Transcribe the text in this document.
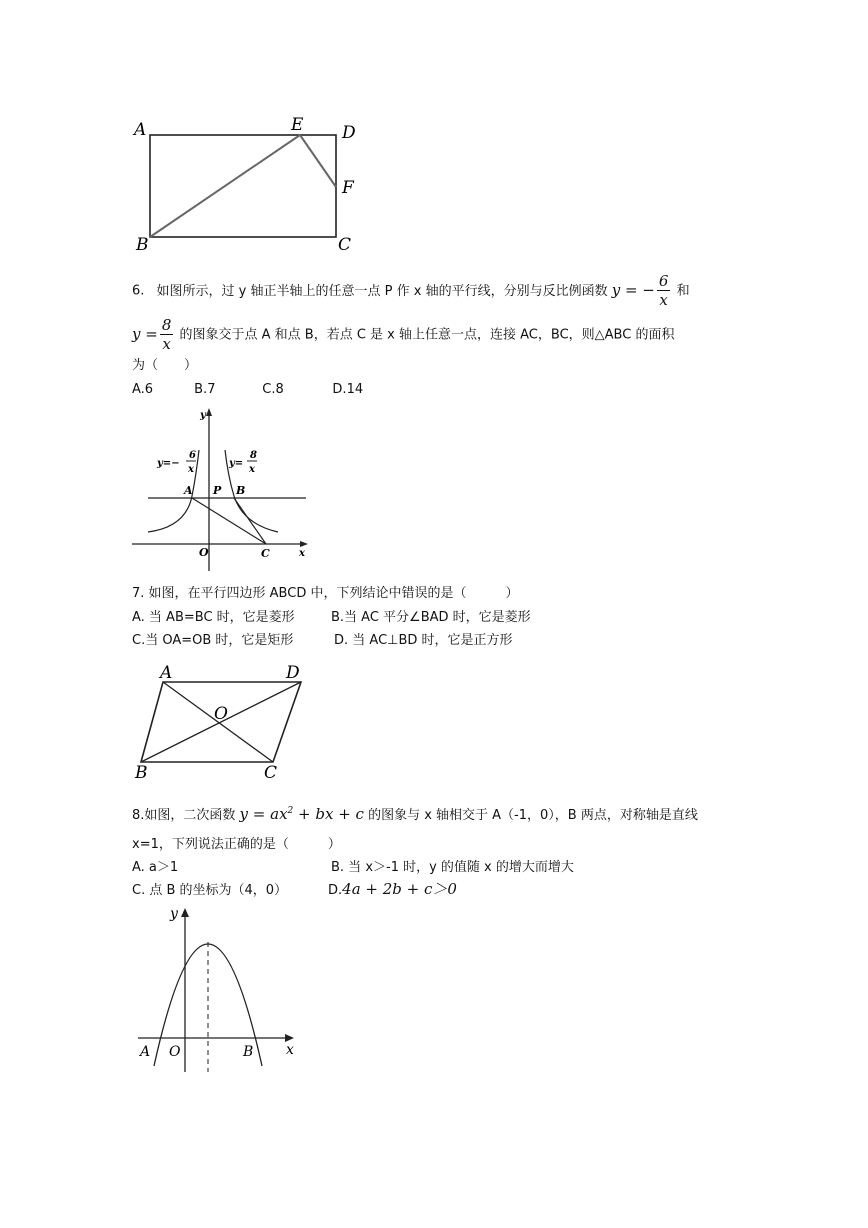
A	E D
F
B	C
6. 如图所示，过 y 轴正半轴上的任意一点 P 作 x 轴的平行线，分别与反比例函数 y = − $\frac{6}{x}$ 和
$y = \frac{8}{x}$ 的图象交于点 A 和点 B，若点 C 是 x 轴上任意一点，连接 AC，BC，则△ABC 的面积
为（　　）
A.6	B.7	C.8	D.14
y
y=−
6
x
y=
8
x
A P B
O	C	x
7. 如图，在平行四边形 ABCD 中，下列结论中错误的是（　　　）
A. 当 AB=BC 时，它是菱形	B.当 AC 平分∠BAD 时，它是菱形
C.当 OA=OB 时，它是矩形	D. 当 AC⊥BD 时，它是正方形
A	D
O
B	C
8.如图，二次函数 $y = ax^2$ + bx + c 的图象与 x 轴相交于 A（-1，0），B 两点，对称轴是直线
x=1，下列说法正确的是（　　　）
A. a＞1	B. 当 x＞-1 时，y 的值随 x 的增大而增大
C. 点 B 的坐标为（4，0）	D.4a + 2b + c＞0
y
A O	B x
